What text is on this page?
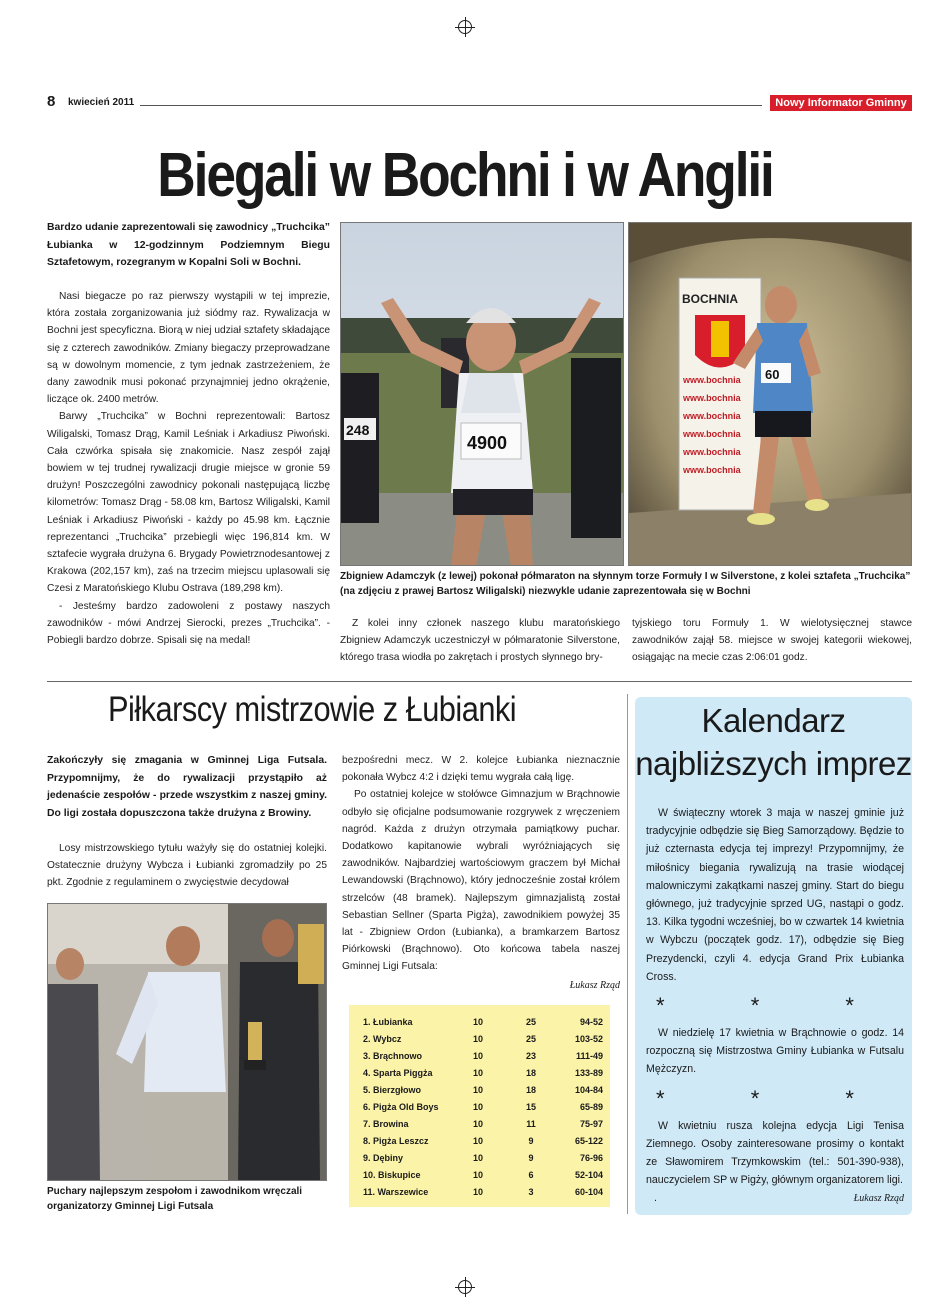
8 kwiecień 2011	Nowy Informator Gminny
Biegali w Bochni i w Anglii
Bardzo udanie zaprezentowali się zawodnicy „Truchcika” Łubianka w 12-godzinnym Podziemnym Biegu Sztafetowym, rozegranym w Kopalni Soli w Bochni.

Nasi biegacze po raz pierwszy wystąpili w tej imprezie, która została zorganizowania już siódmy raz. Rywalizacja w Bochni jest specyficzna. Biorą w niej udział sztafety składające się z czterech zawodników. Zmiany biegaczy przeprowadzane są w dowolnym momencie, z tym jednak zastrzeżeniem, że dany zawodnik musi pokonać przynajmniej jedno okrążenie, liczące ok. 2400 metrów.

Barwy „Truchcika” w Bochni reprezentowali: Bartosz Wiligalski, Tomasz Drąg, Kamil Leśniak i Arkadiusz Piwoński. Cała czwórka spisała się znakomicie. Nasz zespół zajął bowiem w tej trudnej rywalizacji drugie miejsce w gronie 59 drużyn! Poszczególni zawodnicy pokonali następującą liczbę kilometrów: Tomasz Drąg - 58.08 km, Bartosz Wiligalski, Kamil Leśniak i Arkadiusz Piwoński - każdy po 45.98 km. Łącznie reprezentanci „Truchcika” przebiegli więc 196,814 km. W sztafecie wygrała drużyna 6. Brygady Powietrznodesantowej z Krakowa (202,157 km), zaś na trzecim miejscu uplasowali się Czesi z Maratońskiego Klubu Ostrava (189,298 km).

- Jesteśmy bardzo zadowoleni z postawy naszych zawodników - mówi Andrzej Sierocki, prezes „Truchcika”. - Pobiegli bardzo dobrze. Spisali się na medal!

248
4900
BOCHNIA
www.bochnia
www.bochnia
www.bochnia
www.bochnia
www.bochnia
www.bochnia
60
Zbigniew Adamczyk (z lewej) pokonał półmaraton na słynnym torze Formuły I w Silverstone, z kolei sztafeta „Truchcika” (na zdjęciu z prawej Bartosz Wiligalski) niezwykle udanie zaprezentowała się w Bochni

Z kolei inny członek naszego klubu maratońskiego Zbigniew Adamczyk uczestniczył w półmaratonie Silverstone, którego trasa wiodła po zakrętach i prostych słynnego bry-

tyjskiego toru Formuły 1. W wielotysięcznej stawce zawodników zajął 58. miejsce w swojej kategorii wiekowej, osiągając na mecie czas 2:06:01 godz.

Piłkarscy mistrzowie z Łubianki
Zakończyły się zmagania w Gminnej Liga Futsala. Przypomnijmy, że do rywalizacji przystąpiło aż jedenaście zespołów - przede wszystkim z naszej gminy. Do ligi została dopuszczona także drużyna z Browiny.

Losy mistrzowskiego tytułu ważyły się do ostatniej kolejki. Ostatecznie drużyny Wybcza i Łubianki zgromadziły po 25 pkt. Zgodnie z regulaminem o zwycięstwie decydował

Puchary najlepszym zespołom i zawodnikom wręczali organizatorzy Gminnej Ligi Futsala

bezpośredni mecz. W 2. kolejce Łubianka nieznacznie pokonała Wybcz 4:2 i dzięki temu wygrała całą ligę.

Po ostatniej kolejce w stołówce Gimnazjum w Brąchnowie odbyło się oficjalne podsumowanie rozgrywek z wręczeniem nagród. Każda z drużyn otrzymała pamiątkowy puchar. Dodatkowo kapitanowie wybrali wyróżniających się zawodników. Najbardziej wartościowym graczem był Michał Lewandowski (Brąchnowo), który jednocześnie został królem strzelców (48 bramek). Najlepszym gimnazjalistą został Sebastian Sellner (Sparta Pigża), zawodnikiem powyżej 35 lat - Zbigniew Ordon (Łubianka), a bramkarzem Bartosz Piórkowski (Brąchnowo). Oto końcowa tabela naszej Gminnej Ligi Futsala:

Łukasz Rząd
1. Łubianka	10	25	94-52
2. Wybcz	10	25	103-52
3. Brąchnowo	10	23	111-49
4. Sparta Piggża	10	18	133-89
5. Bierzgłowo	10	18	104-84
6. Pigża Old Boys	10	15	65-89
7. Browina	10	11	75-97
8. Pigża Leszcz	10	9	65-122
9. Dębiny	10	9	76-96
10. Biskupice	10	6	52-104
11. Warszewice	10	3	60-104
Kalendarz
najbliższych imprez

W świąteczny wtorek 3 maja w naszej gminie już tradycyjnie odbędzie się Bieg Samorządowy. Będzie to już czternasta edycja tej imprezy! Przypomnijmy, że miłośnicy biegania rywalizują na trasie wiodącej malowniczymi zakątkami naszej gminy. Start do biegu głównego, już tradycyjnie sprzed UG, nastąpi o godz. 13. Kilka tygodni wcześniej, bo w czwartek 14 kwietnia w Wybczu (początek godz. 17), odbędzie się Bieg Prezydencki, czyli 4. edycja Grand Prix Łubianka Cross.

* * *

W niedzielę 17 kwietnia w Brąchnowie o godz. 14 rozpoczną się Mistrzostwa Gminy Łubianka w Futsalu Mężczyzn.

* * *

W kwietniu rusza kolejna edycja Ligi Tenisa Ziemnego. Osoby zainteresowane prosimy o kontakt ze Sławomirem Trzymkowskim (tel.: 501-390-938), nauczycielem SP w Pigży, głównym organizatorem ligi.

.	Łukasz Rząd
